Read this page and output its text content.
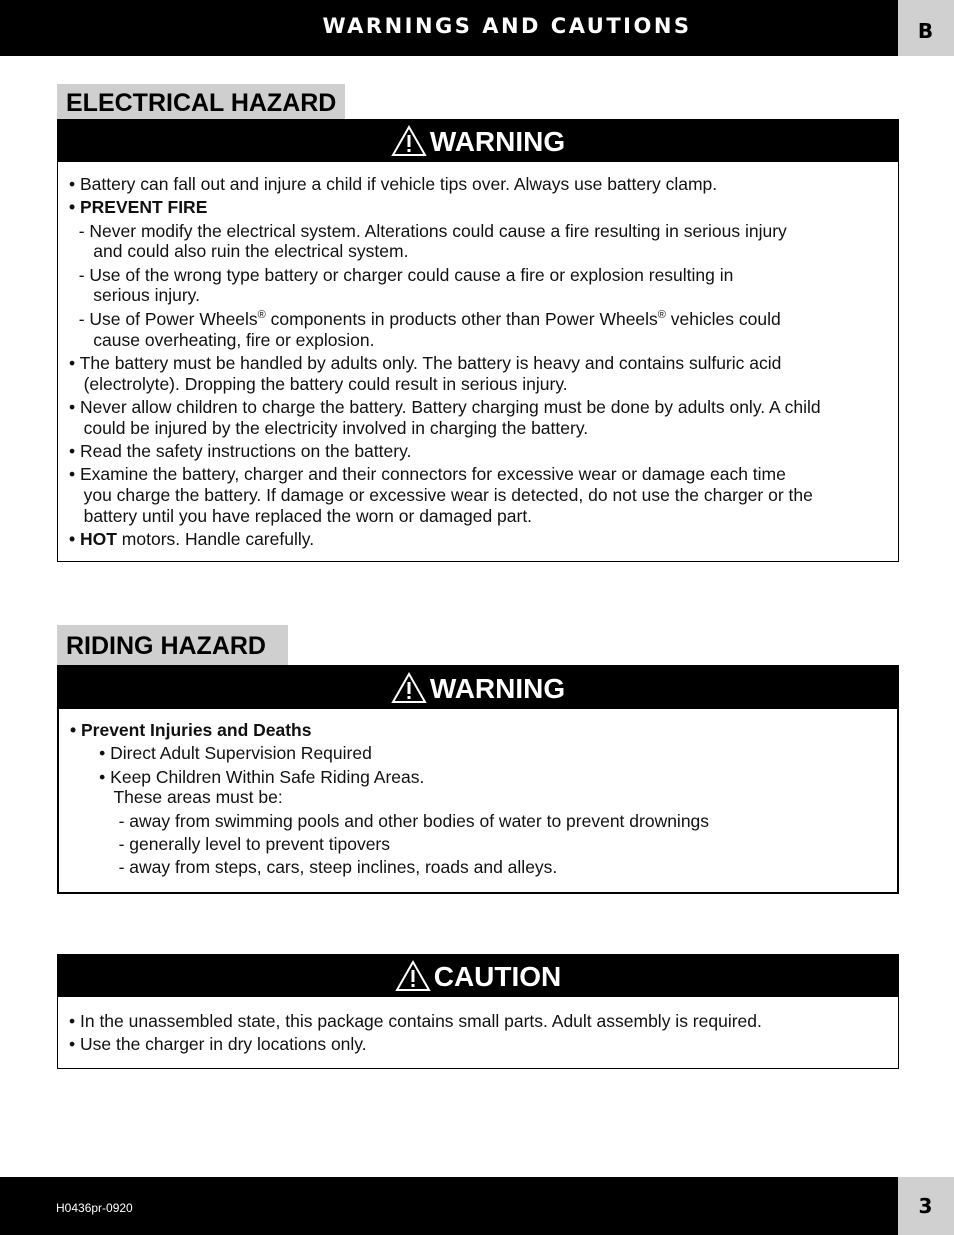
WARNINGS AND CAUTIONS	B
ELECTRICAL HAZARD
WARNING
• Battery can fall out and injure a child if vehicle tips over. Always use battery clamp.
• PREVENT FIRE
- Never modify the electrical system. Alterations could cause a fire resulting in serious injury
and could also ruin the electrical system.
- Use of the wrong type battery or charger could cause a fire or explosion resulting in
serious injury.
- Use of Power Wheels® components in products other than Power Wheels® vehicles could
cause overheating, fire or explosion.
• The battery must be handled by adults only. The battery is heavy and contains sulfuric acid
(electrolyte). Dropping the battery could result in serious injury.
• Never allow children to charge the battery. Battery charging must be done by adults only. A child
could be injured by the electricity involved in charging the battery.
• Read the safety instructions on the battery.
• Examine the battery, charger and their connectors for excessive wear or damage each time
you charge the battery. If damage or excessive wear is detected, do not use the charger or the
battery until you have replaced the worn or damaged part.
• HOT motors. Handle carefully.
RIDING HAZARD
WARNING
• Prevent Injuries and Deaths
• Direct Adult Supervision Required
• Keep Children Within Safe Riding Areas.
These areas must be:
- away from swimming pools and other bodies of water to prevent drownings
- generally level to prevent tipovers
- away from steps, cars, steep inclines, roads and alleys.
CAUTION
• In the unassembled state, this package contains small parts. Adult assembly is required.
• Use the charger in dry locations only.
H0436pr-0920	3
